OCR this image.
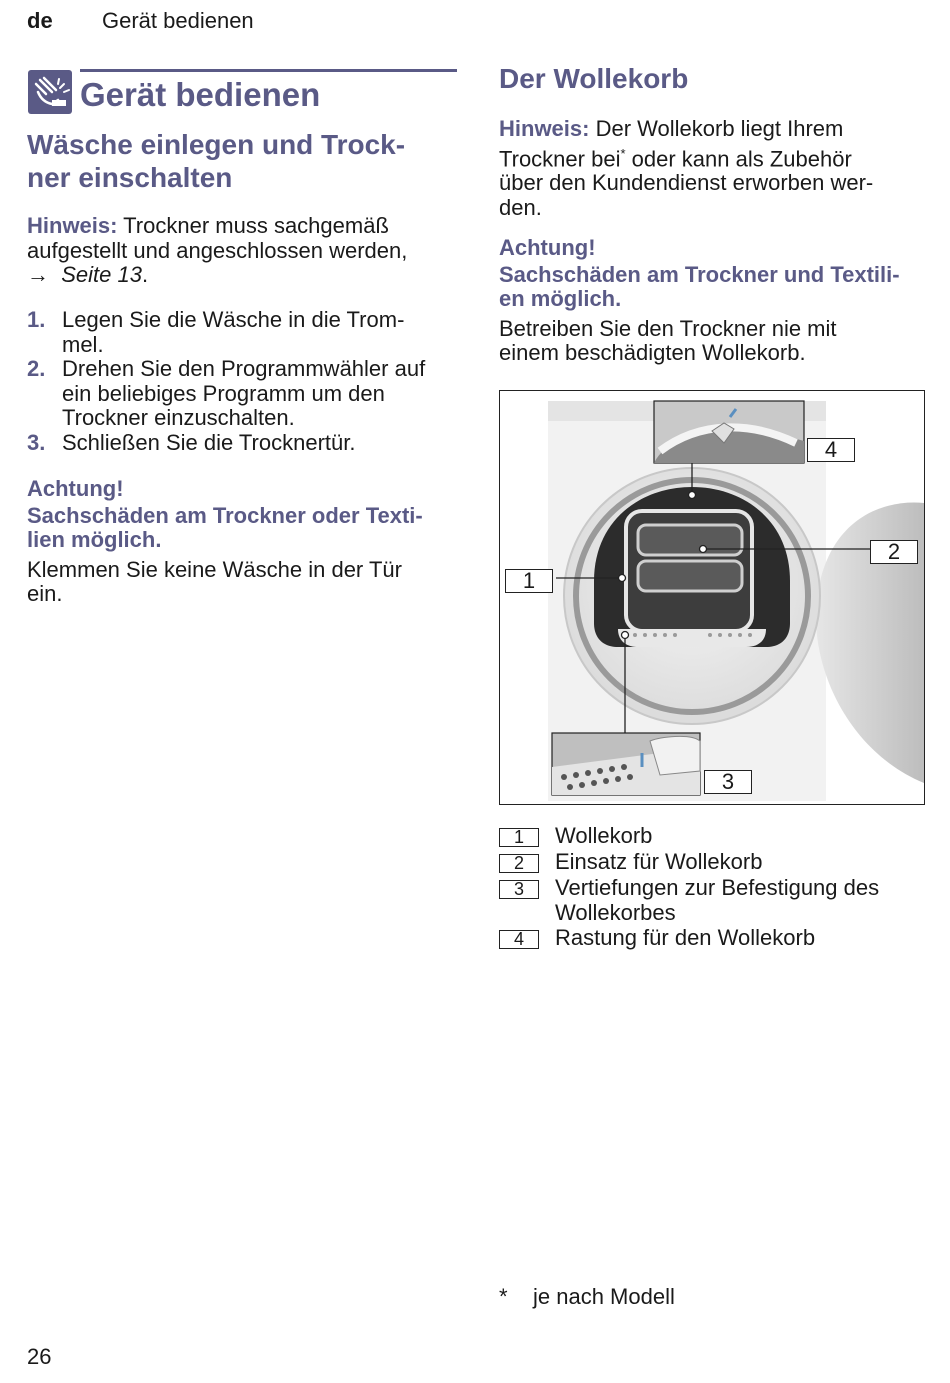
de Gerät bedienen
Gerät bedienen
Wäsche einlegen und Trock-
ner einschalten
Hinweis: Trockner muss sachgemäß
aufgestellt und angeschlossen werden,
→ Seite 13.
1. Legen Sie die Wäsche in die Trom-
mel.
2. Drehen Sie den Programmwähler auf
ein beliebiges Programm um den
Trockner einzuschalten.
3. Schließen Sie die Trocknertür.
Achtung!
Sachschäden am Trockner oder Texti-
lien möglich.
Klemmen Sie keine Wäsche in der Tür
ein.
Der Wollekorb
Hinweis: Der Wollekorb liegt Ihrem
Trockner bei* oder kann als Zubehör
über den Kundendienst erworben wer-
den.
Achtung!
Sachschäden am Trockner und Textili-
en möglich.
Betreiben Sie den Trockner nie mit
einem beschädigten Wollekorb.
1
2
3
4
1	Wollekorb
2	Einsatz für Wollekorb
3	Vertiefungen zur Befestigung des
Wollekorbes
4	Rastung für den Wollekorb
* je nach Modell
26
